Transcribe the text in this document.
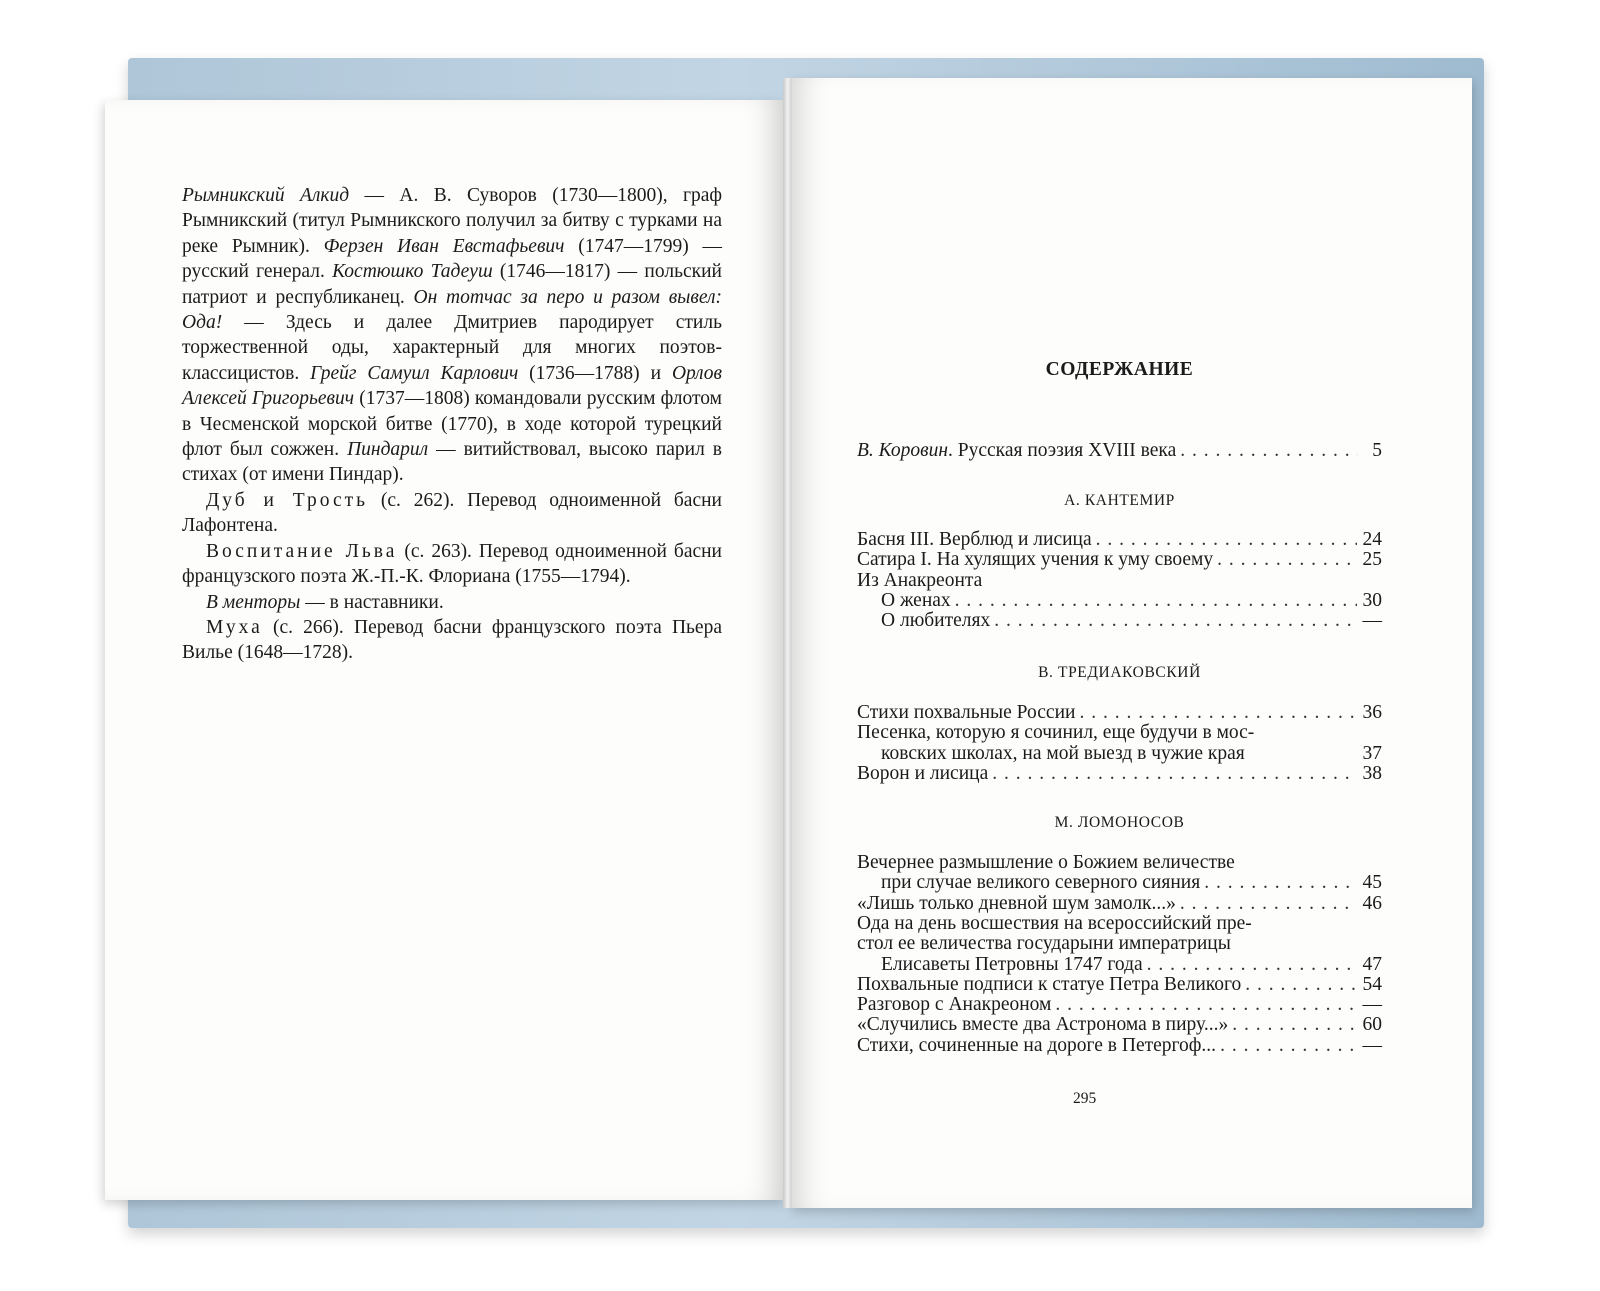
Рымникский Алкид — А. В. Суворов (1730—1800), граф Рымникский (титул Рымникского получил за битву с турками на реке Рымник). Ферзен Иван Евстафьевич (1747—1799) — русский генерал. Костюшко Тадеуш (1746—1817) — польский патриот и республиканец. Он тотчас за перо и разом вывел: Ода! — Здесь и далее Дмитриев пародирует стиль торжественной оды, характерный для многих поэтов-классицистов. Грейг Самуил Карлович (1736—1788) и Орлов Алексей Григорьевич (1737—1808) командовали русским флотом в Чесменской морской битве (1770), в ходе которой турецкий флот был сожжен. Пиндарил — витийствовал, высоко парил в стихах (от имени Пиндар).

Дуб и Трость (с. 262). Перевод одноименной басни Лафонтена.

Воспитание Льва (с. 263). Перевод одноименной басни французского поэта Ж.-П.-К. Флориана (1755—1794).

В менторы — в наставники.

Муха (с. 266). Перевод басни французского поэта Пьера Вилье (1648—1728).

СОДЕРЖАНИЕ
В. Коровин. Русская поэзия XVIII века . . .	5
А. КАНТЕМИР
Басня III. Верблюд и лисица . . .	24
Сатира I. На хулящих учения к уму своему . . .	25
Из Анакреонта
О женах . . .	30
О любителях . . .	—
В. ТРЕДИАКОВСКИЙ
Стихи похвальные России . . .	36
Песенка, которую я сочинил, еще будучи в мос-
ковских школах, на мой выезд в чужие края	37
Ворон и лисица . . .	38
М. ЛОМОНОСОВ
Вечернее размышление о Божием величестве
при случае великого северного сияния . . .	45
«Лишь только дневной шум замолк...» . . .	46
Ода на день восшествия на всероссийский пре-
стол ее величества государыни императрицы
Елисаветы Петровны 1747 года . . .	47
Похвальные подписи к статуе Петра Великого . . .	54
Разговор с Анакреоном . . .	—
«Случились вместе два Астронома в пиру...» . . .	60
Стихи, сочиненные на дороге в Петергоф... . . .	—
295
